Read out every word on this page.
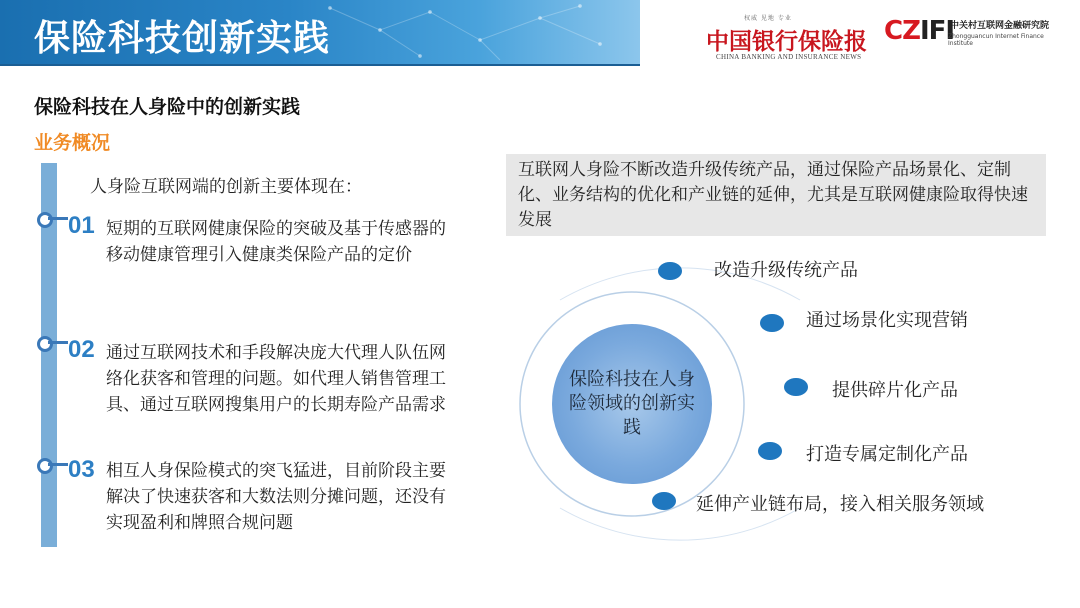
保险科技创新实践	权威 见地 专业
中国银行保险报
CHINA BANKING AND INSURANCE NEWS
CZIFI
中关村互联网金融研究院
Zhongguancun Internet Finance Institute
保险科技在人身险中的创新实践
业务概况
人身险互联网端的创新主要体现在：
01 短期的互联网健康保险的突破及基于传感器的移动健康管理引入健康类保险产品的定价
02 通过互联网技术和手段解决庞大代理人队伍网络化获客和管理的问题。如代理人销售管理工具、通过互联网搜集用户的长期寿险产品需求
03 相互人身保险模式的突飞猛进，目前阶段主要解决了快速获客和大数法则分摊问题，还没有实现盈利和牌照合规问题
互联网人身险不断改造升级传统产品，通过保险产品场景化、定制化、业务结构的优化和产业链的延伸，尤其是互联网健康险取得快速发展
保险科技在人身险领域的创新实践
改造升级传统产品
通过场景化实现营销
提供碎片化产品
打造专属定制化产品
延伸产业链布局，接入相关服务领域
